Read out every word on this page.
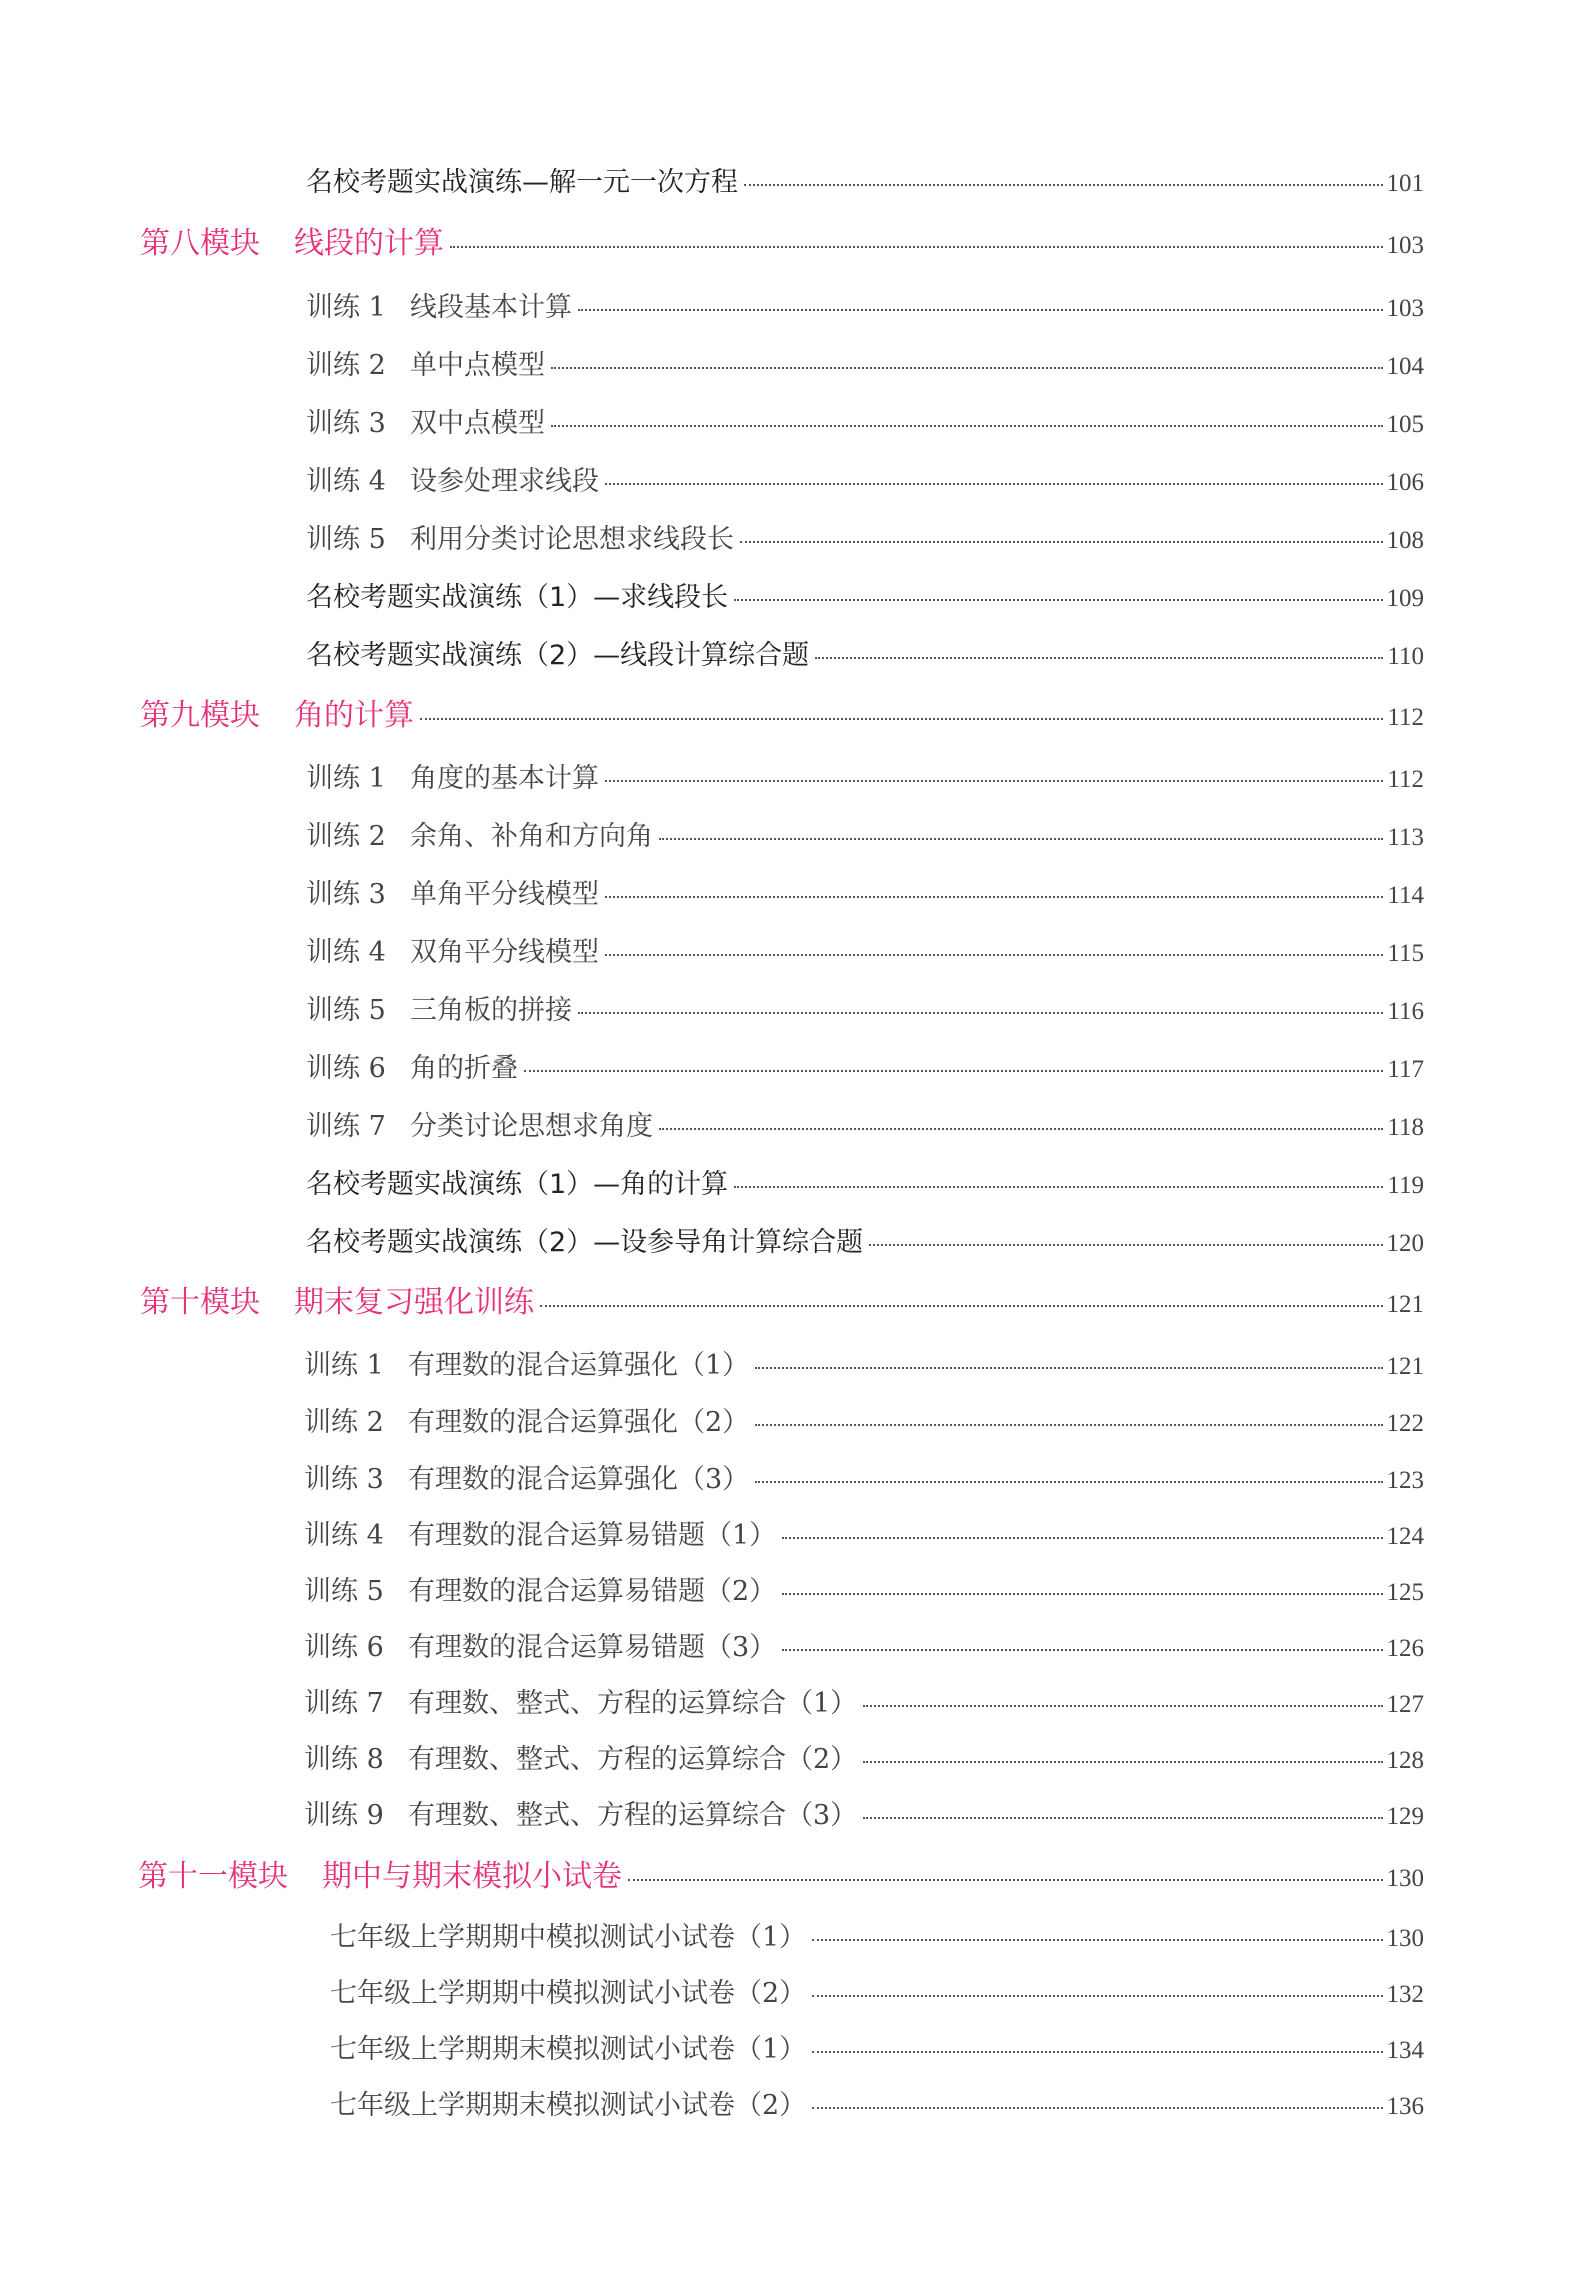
名校考题实战演练—解一元一次方程	101
第八模块 线段的计算	103
训练 1 线段基本计算	103
训练 2 单中点模型	104
训练 3 双中点模型	105
训练 4 设参处理求线段	106
训练 5 利用分类讨论思想求线段长	108
名校考题实战演练（1）—求线段长	109
名校考题实战演练（2）—线段计算综合题	110
第九模块 角的计算	112
训练 1 角度的基本计算	112
训练 2 余角、补角和方向角	113
训练 3 单角平分线模型	114
训练 4 双角平分线模型	115
训练 5 三角板的拼接	116
训练 6 角的折叠	117
训练 7 分类讨论思想求角度	118
名校考题实战演练（1）—角的计算	119
名校考题实战演练（2）—设参导角计算综合题	120
第十模块 期末复习强化训练	121
训练 1 有理数的混合运算强化（1）	121
训练 2 有理数的混合运算强化（2）	122
训练 3 有理数的混合运算强化（3）	123
训练 4 有理数的混合运算易错题（1）	124
训练 5 有理数的混合运算易错题（2）	125
训练 6 有理数的混合运算易错题（3）	126
训练 7 有理数、整式、方程的运算综合（1）	127
训练 8 有理数、整式、方程的运算综合（2）	128
训练 9 有理数、整式、方程的运算综合（3）	129
第十一模块 期中与期末模拟小试卷	130
七年级上学期期中模拟测试小试卷（1）	130
七年级上学期期中模拟测试小试卷（2）	132
七年级上学期期末模拟测试小试卷（1）	134
七年级上学期期末模拟测试小试卷（2）	136
